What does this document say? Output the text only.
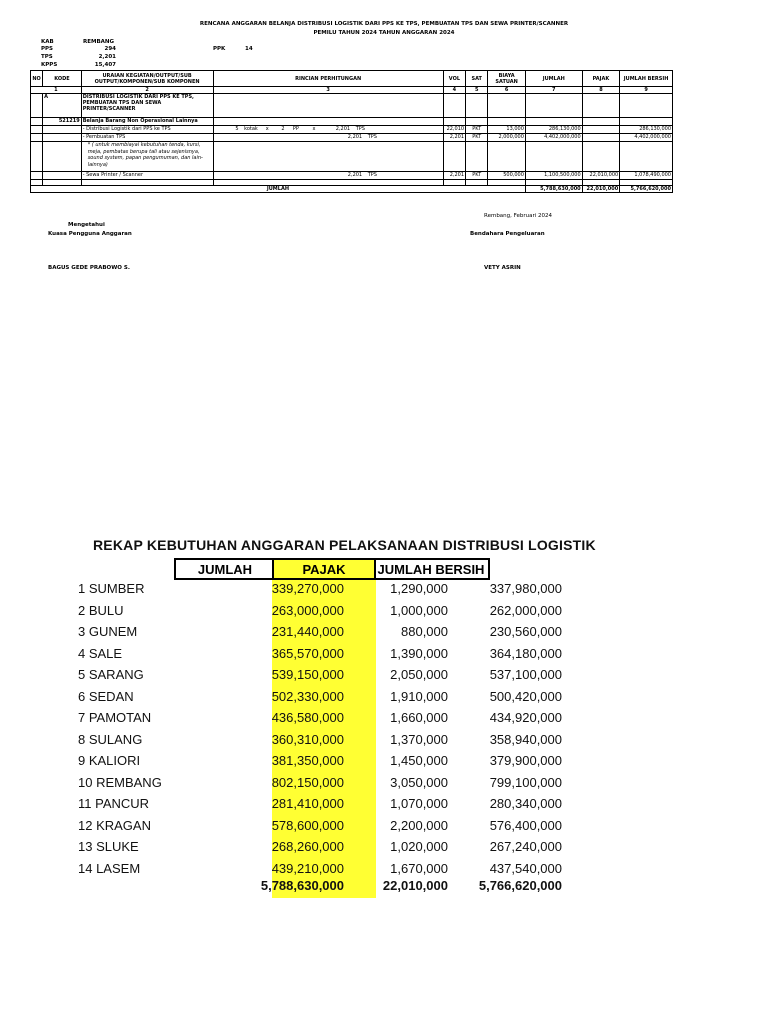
RENCANA ANGGARAN BELANJA DISTRIBUSI LOGISTIK DARI PPS KE TPS, PEMBUATAN TPS DAN SEWA PRINTER/SCANNER
PEMILU TAHUN 2024 TAHUN ANGGARAN 2024
KAB	REMBANG
PPS	294	PPK	14
TPS	2,201
KPPS	15,407
NO	KODE	URAIAN KEGIATAN/OUTPUT/SUB OUTPUT/KOMPONEN/SUB KOMPONEN	RINCIAN PERHITUNGAN	VOL	SAT	BIAYA SATUAN	JUMLAH	PAJAK	JUMLAH BERSIH
1		2	3	4	5	6	7	8	9
	A	DISTRIBUSI LOGISTIK DARI PPS KE TPS, PEMBUATAN TPS DAN SEWA PRINTER/SCANNER							
	521219	Belanja Barang Non Operasional Lainnya							
		- Distribusi Logistik dari PPS ke TPS	5 kotak x 2 PP x 2,201 TPS	22,010	PKT	13,000	286,130,000		286,130,000
		- Pembuatan TPS	2,201 TPS	2,201	PKT	2,000,000	4,402,000,000		4,402,000,000
		* ( untuk membiayai kebutuhan tenda, kursi, meja, pembatas berupa tali atau sejenisnya, sound system, papan pengumuman, dan lain-lainnya)							
		- Sewa Printer / Scanner	2,201 TPS	2,201	PKT	500,000	1,100,500,000	22,010,000	1,078,490,000

JUMLAH							5,788,630,000	22,010,000	5,766,620,000
Rembang, Februari 2024
Mengetahui
Kuasa Pengguna Anggaran	Bendahara Pengeluaran
BAGUS GEDE PRABOWO S.	VETY ASRIN
REKAP KEBUTUHAN ANGGARAN PELAKSANAAN DISTRIBUSI LOGISTIK
JUMLAH	PAJAK	JUMLAH BERSIH
1 SUMBER	339,270,000	1,290,000	337,980,000
2 BULU	263,000,000	1,000,000	262,000,000
3 GUNEM	231,440,000	880,000	230,560,000
4 SALE	365,570,000	1,390,000	364,180,000
5 SARANG	539,150,000	2,050,000	537,100,000
6 SEDAN	502,330,000	1,910,000	500,420,000
7 PAMOTAN	436,580,000	1,660,000	434,920,000
8 SULANG	360,310,000	1,370,000	358,940,000
9 KALIORI	381,350,000	1,450,000	379,900,000
10 REMBANG	802,150,000	3,050,000	799,100,000
11 PANCUR	281,410,000	1,070,000	280,340,000
12 KRAGAN	578,600,000	2,200,000	576,400,000
13 SLUKE	268,260,000	1,020,000	267,240,000
14 LASEM	439,210,000	1,670,000	437,540,000
5,788,630,000	22,010,000	5,766,620,000
